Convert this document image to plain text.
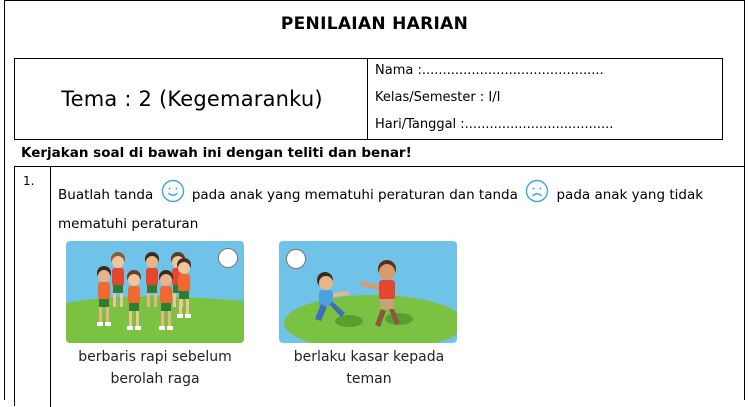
PENILAIAN HARIAN
Tema : 2 (Kegemaranku)
Nama :............................................
Kelas/Semester : I/I
Hari/Tanggal :....................................
Kerjakan soal di bawah ini dengan teliti dan benar!
1.
Buatlah tanda	pada anak yang mematuhi peraturan dan tanda	pada anak yang tidak mematuhi peraturan
berbaris rapi sebelum berolah raga
berlaku kasar kepada teman
